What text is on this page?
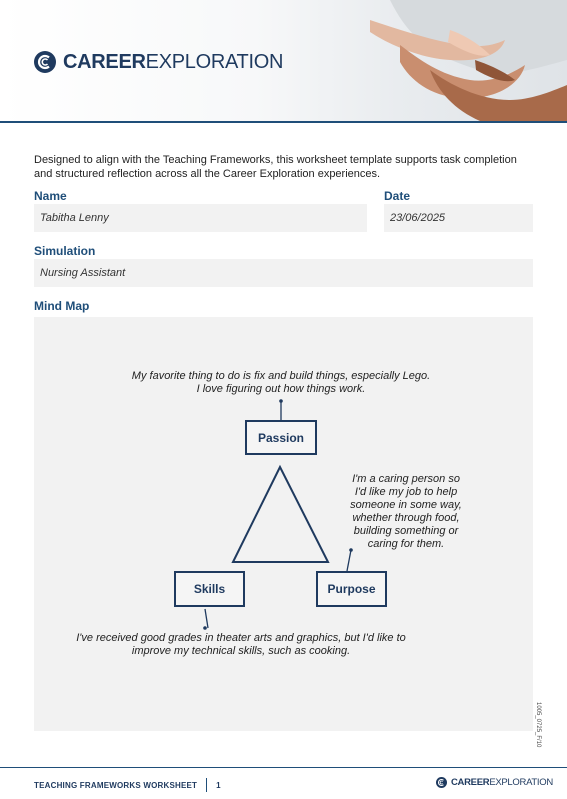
CAREEREXPLORATION
Designed to align with the Teaching Frameworks, this worksheet template supports task completion and structured reflection across all the Career Exploration experiences.
Name
Tabitha Lenny
Date
23/06/2025
Simulation
Nursing Assistant
Mind Map
My favorite thing to do is fix and build things, especially Lego.
I love figuring out how things work.
Passion
I'm a caring person so
I'd like my job to help
someone in some way,
whether through food,
building something or
caring for them.
Purpose
Skills
I've received good grades in theater arts and graphics, but I'd like to
improve my technical skills, such as cooking.
1005_0725_F/10
TEACHING FRAMEWORKS WORKSHEET 1	CAREEREXPLORATION
